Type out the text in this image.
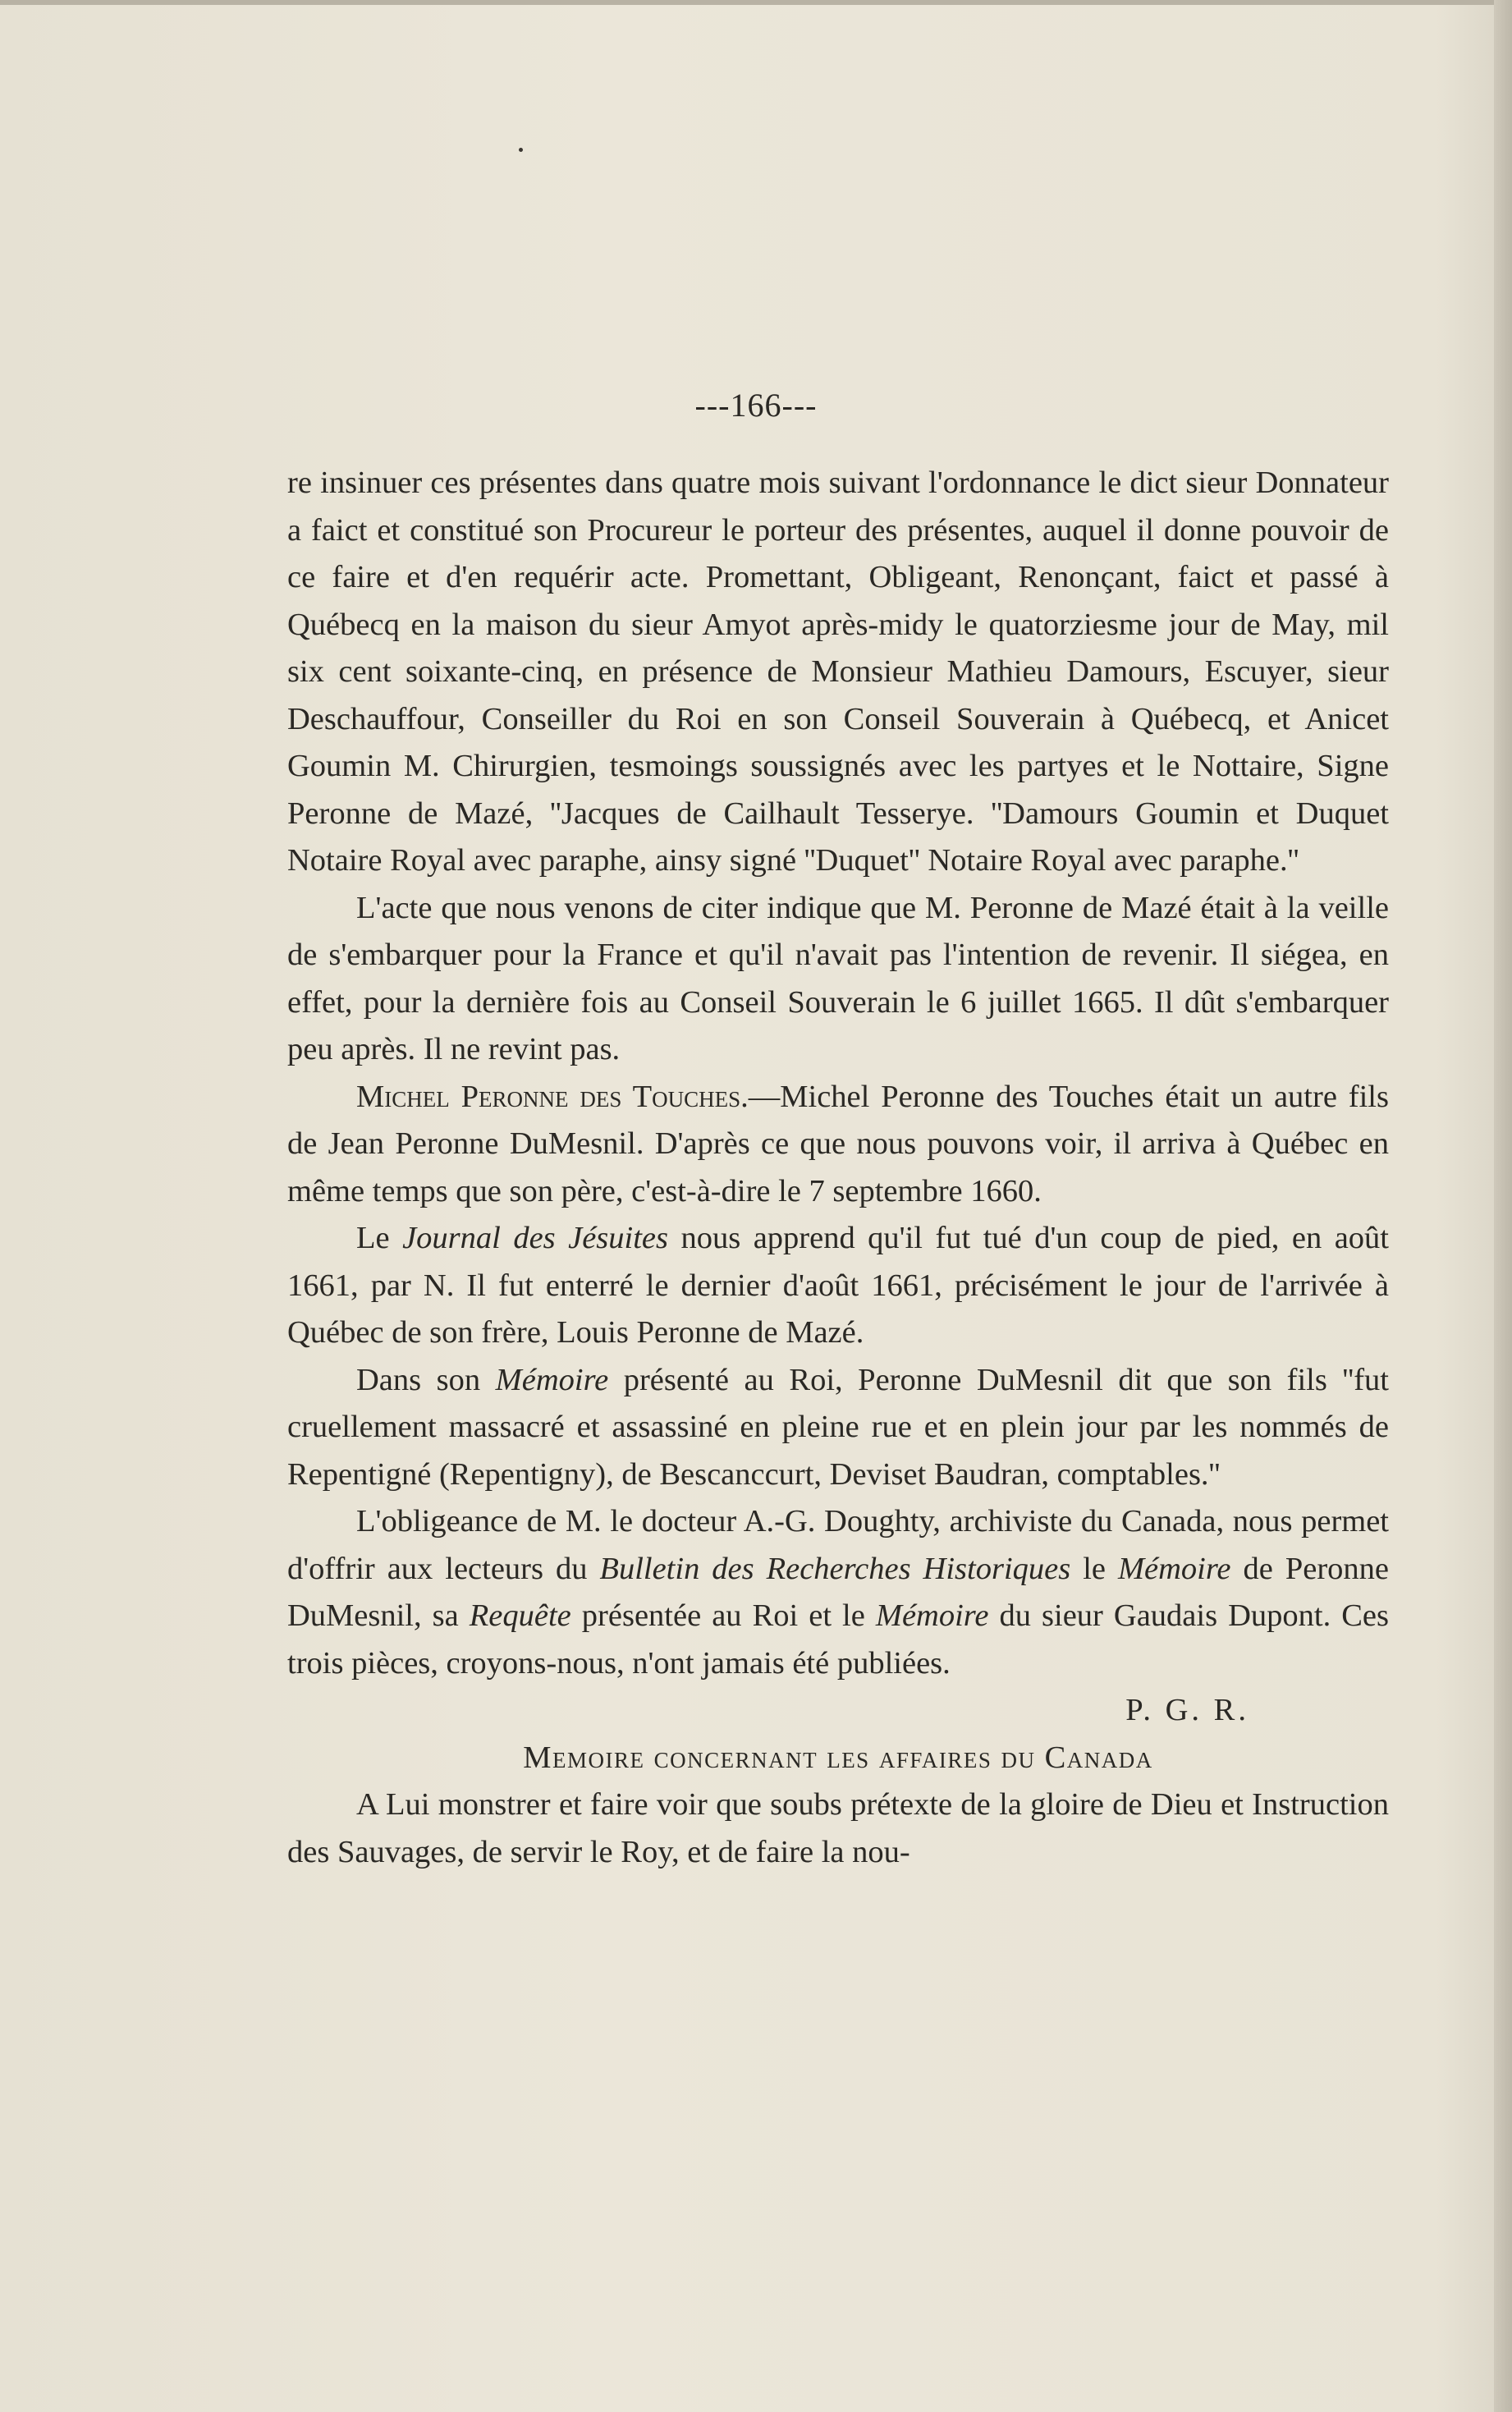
---166---

re insinuer ces présentes dans quatre mois suivant l'ordonnance le dict sieur Donnateur a faict et constitué son Procureur le porteur des présentes, auquel il donne pouvoir de ce faire et d'en requérir acte. Promettant, Obligeant, Renonçant, faict et passé à Québecq en la maison du sieur Amyot après-midy le quatorziesme jour de May, mil six cent soixante-cinq, en présence de Monsieur Mathieu Damours, Escuyer, sieur Deschauffour, Conseiller du Roi en son Conseil Souverain à Québecq, et Anicet Goumin M. Chirurgien, tesmoings soussignés avec les partyes et le Nottaire, Signe Peronne de Mazé, ''Jacques de Cailhault Tesserye. ''Damours Goumin et Duquet Notaire Royal avec paraphe, ainsy signé ''Duquet'' Notaire Royal avec paraphe.''

L'acte que nous venons de citer indique que M. Peronne de Mazé était à la veille de s'embarquer pour la France et qu'il n'avait pas l'intention de revenir. Il siégea, en effet, pour la dernière fois au Conseil Souverain le 6 juillet 1665. Il dût s'embarquer peu après. Il ne revint pas.

Michel Peronne des Touches.—Michel Peronne des Touches était un autre fils de Jean Peronne DuMesnil. D'après ce que nous pouvons voir, il arriva à Québec en même temps que son père, c'est-à-dire le 7 septembre 1660.

Le Journal des Jésuites nous apprend qu'il fut tué d'un coup de pied, en août 1661, par N. Il fut enterré le dernier d'août 1661, précisément le jour de l'arrivée à Québec de son frère, Louis Peronne de Mazé.

Dans son Mémoire présenté au Roi, Peronne DuMesnil dit que son fils ''fut cruellement massacré et assassiné en pleine rue et en plein jour par les nommés de Repentigné (Repentigny), de Bescanccurt, Deviset Baudran, comptables.''

L'obligeance de M. le docteur A.-G. Doughty, archiviste du Canada, nous permet d'offrir aux lecteurs du Bulletin des Recherches Historiques le Mémoire de Peronne DuMesnil, sa Requête présentée au Roi et le Mémoire du sieur Gaudais Dupont. Ces trois pièces, croyons-nous, n'ont jamais été publiées.

P. G. R.

Memoire concernant les affaires du Canada

A Lui monstrer et faire voir que soubs prétexte de la gloire de Dieu et Instruction des Sauvages, de servir le Roy, et de faire la nou-
